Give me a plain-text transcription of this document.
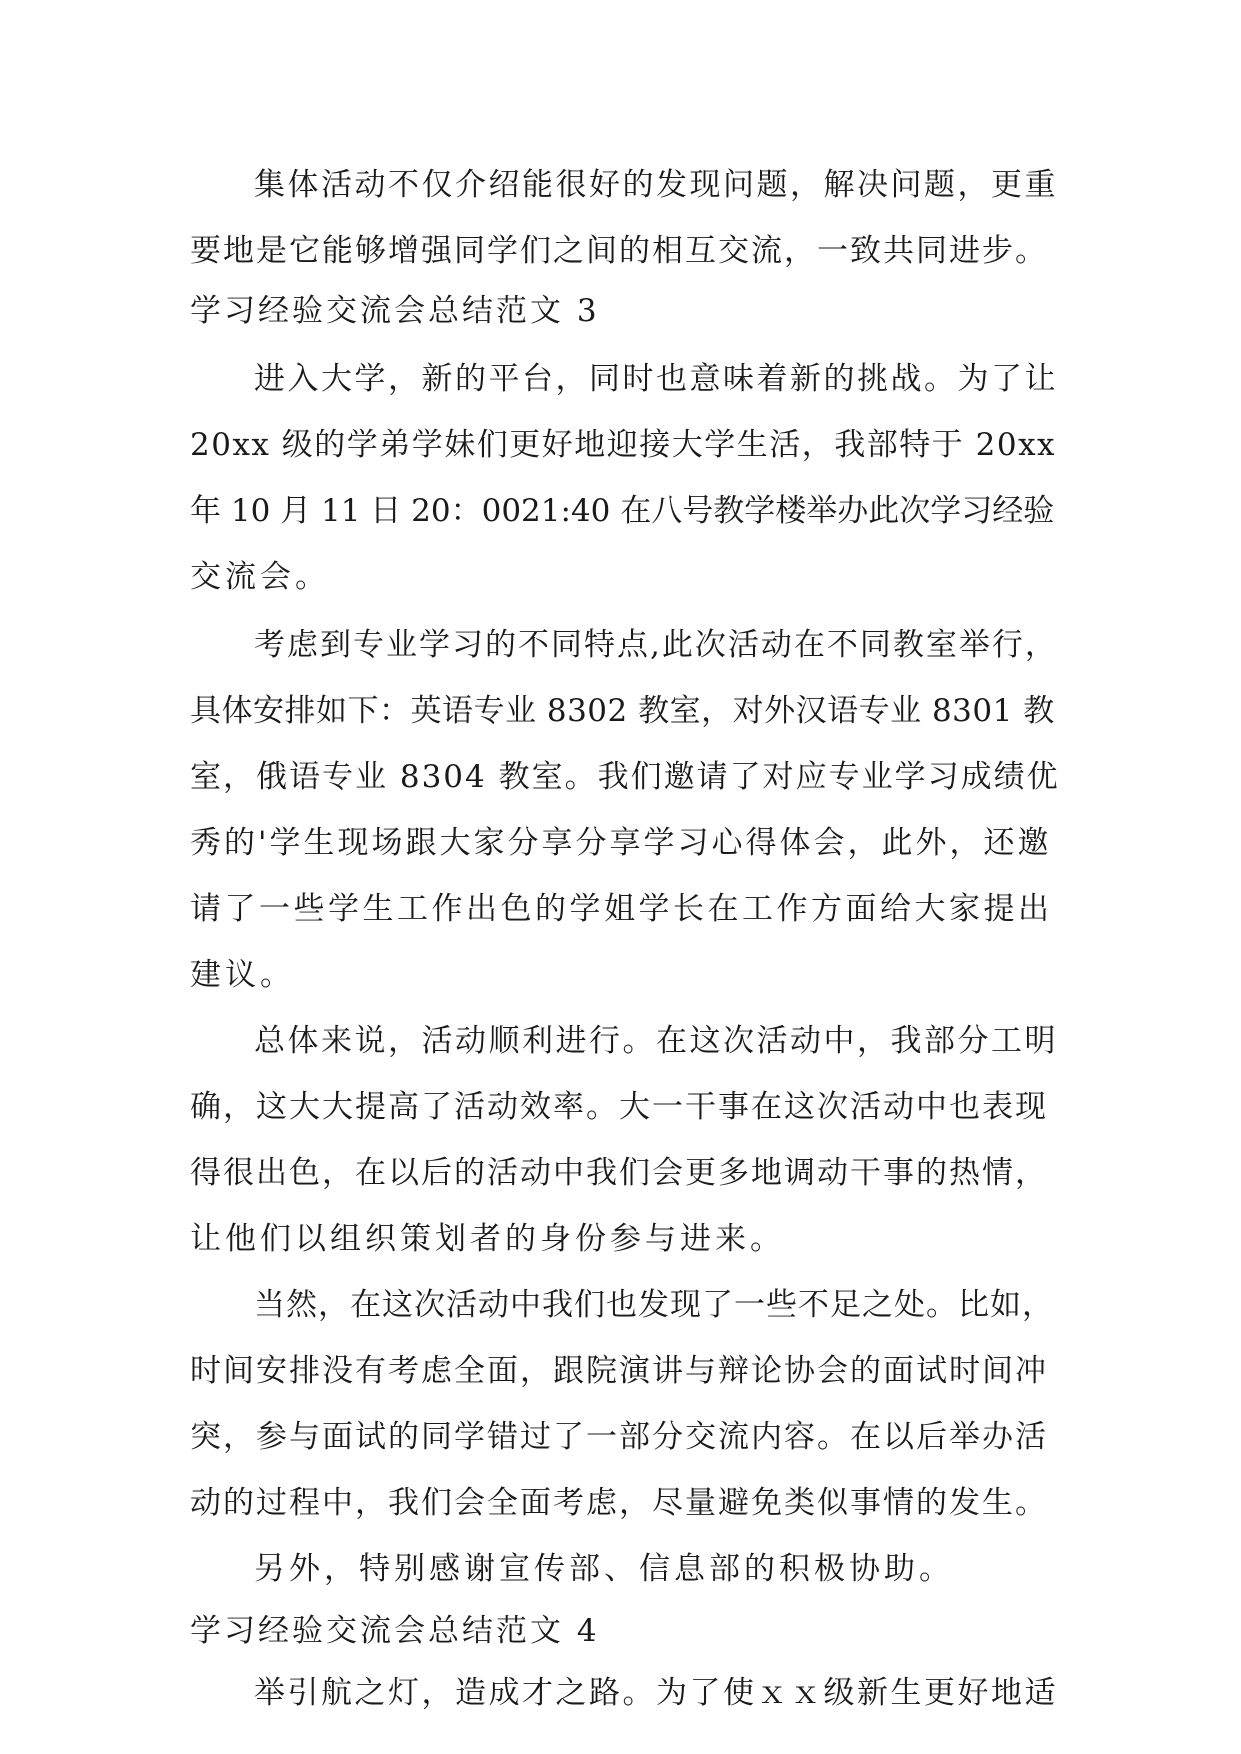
集体活动不仅介绍能很好的发现问题，解决问题，更重

要地是它能够增强同学们之间的相互交流，一致共同进步。

学习经验交流会总结范文 3

进入大学，新的平台，同时也意味着新的挑战。为了让

20xx 级的学弟学妹们更好地迎接大学生活，我部特于 20xx

年 10 月 11 日 20：0021:40 在八号教学楼举办此次学习经验

交流会。

考虑到专业学习的不同特点,此次活动在不同教室举行，

具体安排如下：英语专业 8302 教室，对外汉语专业 8301 教

室，俄语专业 8304 教室。我们邀请了对应专业学习成绩优

秀的'学生现场跟大家分享分享学习心得体会，此外，还邀

请了一些学生工作出色的学姐学长在工作方面给大家提出

建议。

总体来说，活动顺利进行。在这次活动中，我部分工明

确，这大大提高了活动效率。大一干事在这次活动中也表现

得很出色，在以后的活动中我们会更多地调动干事的热情，

让他们以组织策划者的身份参与进来。

当然，在这次活动中我们也发现了一些不足之处。比如，

时间安排没有考虑全面，跟院演讲与辩论协会的面试时间冲

突，参与面试的同学错过了一部分交流内容。在以后举办活

动的过程中，我们会全面考虑，尽量避免类似事情的发生。

另外，特别感谢宣传部、信息部的积极协助。

学习经验交流会总结范文 4

举引航之灯，造成才之路。为了使ｘｘ级新生更好地适
